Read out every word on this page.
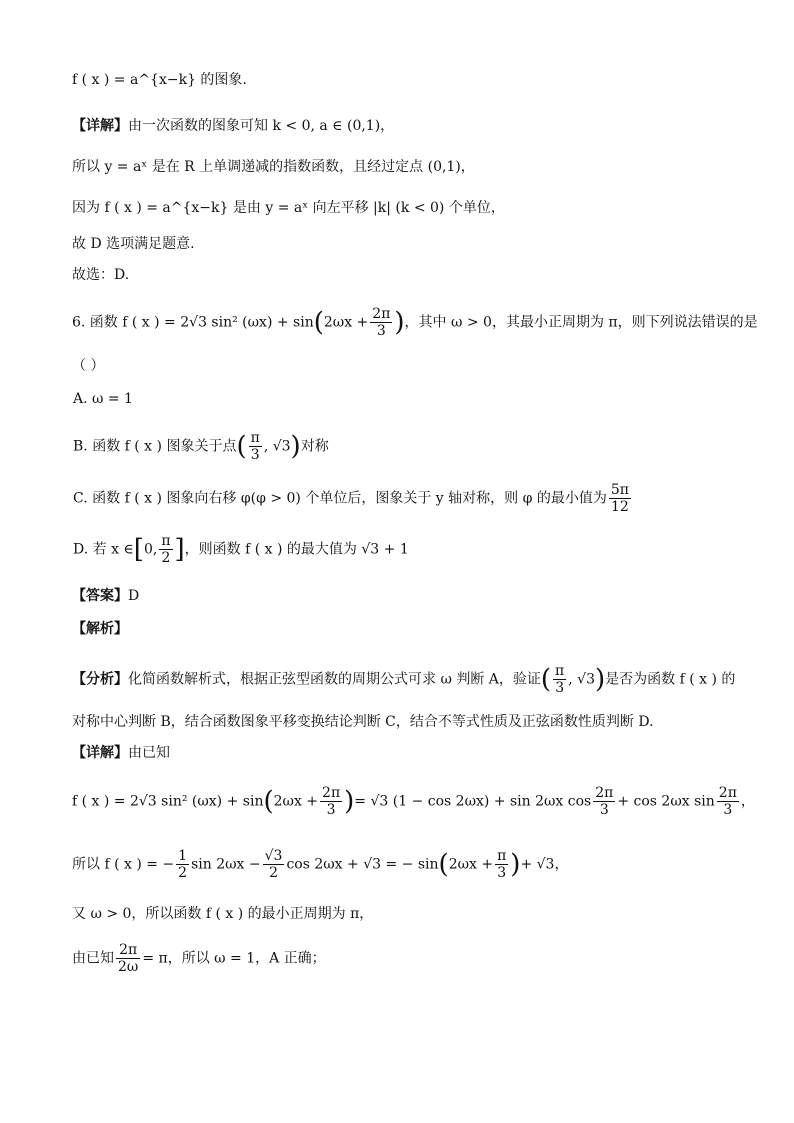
f ( x ) = a^{x−k} 的图象.
【详解】由一次函数的图象可知 k < 0, a ∈ (0,1)，
所以 y = aˣ 是在 R 上单调递减的指数函数，且经过定点 (0,1)，
因为 f ( x ) = a^{x−k} 是由 y = aˣ 向左平移 |k| (k < 0) 个单位，
故 D 选项满足题意.
故选：D.
6. 函数 f ( x ) = 2√3 sin² $(\omega x) + \sin(2\omega x + \frac{2\pi}{3}$ )，其中 ω > 0，其最小正周期为 π，则下列说法错误的是
（ ）
A. ω = 1
B. 函数 f ( x ) 图象关于点( $\frac{\pi}{3}$ , √3)对称
C. 函数 f ( x ) 图象向右移 φ(φ > 0) 个单位后，图象关于 y 轴对称，则 φ 的最小值为 $\frac{5\pi}{12}$
D. 若 x ∈[0, $\frac{\pi}{2}$ ]，则函数 f ( x ) 的最大值为 √3 + 1
【答案】D
【解析】
【分析】化简函数解析式，根据正弦型函数的周期公式可求 ω 判断 A，验证( $\frac{\pi}{3}$ , √3)是否为函数 f ( x ) 的
对称中心判断 B，结合函数图象平移变换结论判断 C，结合不等式性质及正弦函数性质判断 D.
【详解】由已知
f ( x ) = 2√3 sin² $(\omega x) + \sin(2\omega x + \frac{2\pi}{3}$ )= √3 (1 − cos 2ωx) + sin 2ωx $\cos \frac{2\pi}{3} + \cos 2\omega x$ $\sin \frac{2\pi}{3}$ ，
所以 f ( x ) = − $\frac{1}{2}$ $\sin 2\omega x - \frac{√3}{2}$ cos 2ωx + √3 = − $\sin(2\omega x + \frac{\pi}{3}$ )+ √3，
又 ω > 0，所以函数 f ( x ) 的最小正周期为 π，
由已知 $\frac{2\pi}{2\omega} = \pi$，所以 ω = 1，A 正确；
